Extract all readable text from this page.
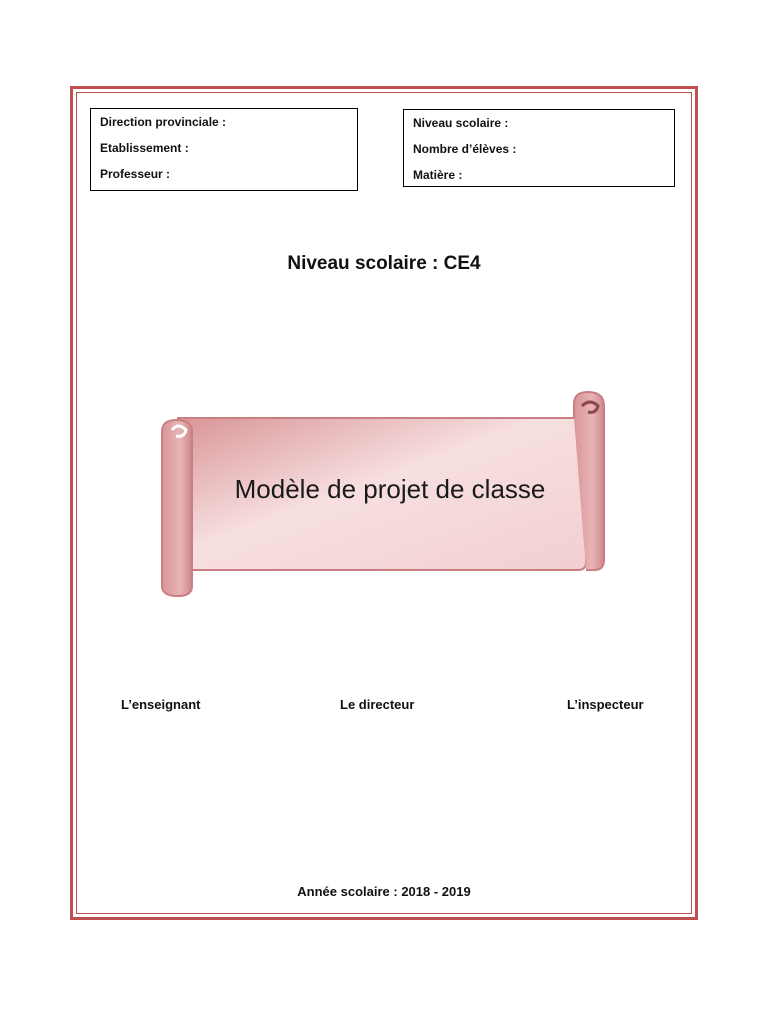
Direction provinciale :
Etablissement :
Professeur :
Niveau scolaire :
Nombre d’élèves :
Matière :
Niveau scolaire : CE4
Modèle de projet de classe
L’enseignant	Le directeur	L’inspecteur
Année scolaire : 2018 - 2019
